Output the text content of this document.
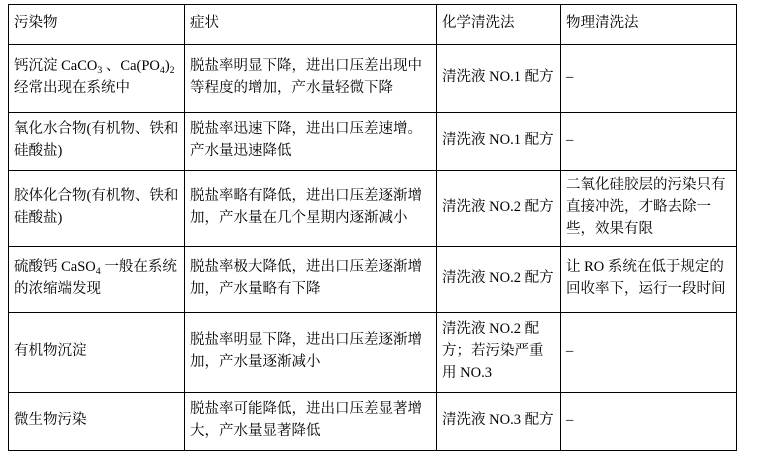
污染物	症状	化学清洗法	物理清洗法
钙沉淀 CaCO$_3$ 、$Ca(PO_4)_2$经常出现在系统中	脱盐率明显下降，进出口压差出现中等程度的增加，产水量轻微下降	清洗液 NO.1 配方	–
氧化水合物(有机物、铁和硅酸盐)	脱盐率迅速下降，进出口压差速增。产水量迅速降低	清洗液 NO.1 配方	–
胶体化合物(有机物、铁和硅酸盐)	脱盐率略有降低，进出口压差逐渐增加，产水量在几个星期内逐渐减小	清洗液 NO.2 配方	二氧化硅胶层的污染只有直接冲洗，才略去除一些，效果有限
硫酸钙 CaSO$_4$ 一般在系统的浓缩端发现	脱盐率极大降低，进出口压差逐渐增加，产水量略有下降	清洗液 NO.2 配方	让 RO 系统在低于规定的回收率下，运行一段时间
有机物沉淀	脱盐率明显下降，进出口压差逐渐增加，产水量逐渐减小	清洗液 NO.2 配方；若污染严重用 NO.3	–
微生物污染	脱盐率可能降低，进出口压差显著增大，产水量显著降低	清洗液 NO.3 配方	–
